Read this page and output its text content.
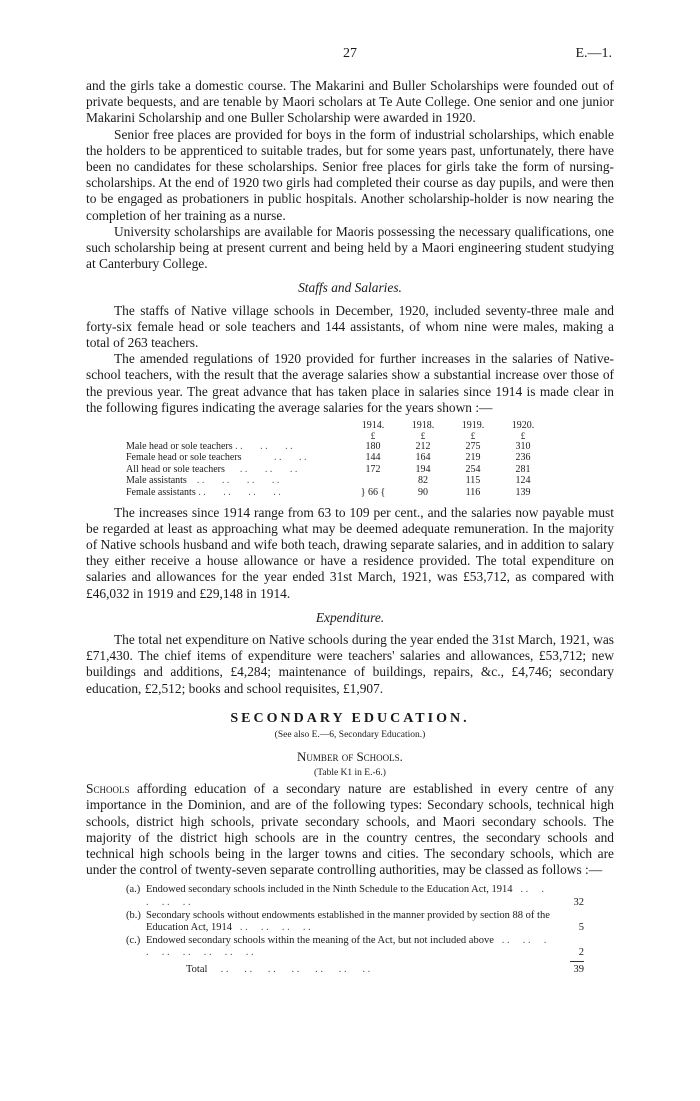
27	E.—1.

and the girls take a domestic course. The Makarini and Buller Scholarships were founded out of private bequests, and are tenable by Maori scholars at Te Aute College. One senior and one junior Makarini Scholarship and one Buller Scholarship were awarded in 1920.

Senior free places are provided for boys in the form of industrial scholarships, which enable the holders to be apprenticed to suitable trades, but for some years past, unfortunately, there have been no candidates for these scholarships. Senior free places for girls take the form of nursing-scholarships. At the end of 1920 two girls had completed their course as day pupils, and were then to be engaged as probationers in public hospitals. Another scholarship-holder is now nearing the completion of her training as a nurse.

University scholarships are available for Maoris possessing the necessary qualifications, one such scholarship being at present current and being held by a Maori engineering student studying at Canterbury College.

Staffs and Salaries.

The staffs of Native village schools in December, 1920, included seventy-three male and forty-six female head or sole teachers and 144 assistants, of whom nine were males, making a total of 263 teachers.

The amended regulations of 1920 provided for further increases in the salaries of Native-school teachers, with the result that the average salaries show a substantial increase over those of the previous year. The great advance that has taken place in salaries since 1914 is made clear in the following figures indicating the average salaries for the years shown :—

	1914.	1918.	1919.	1920.
	£	£	£	£
Male head or sole teachers . .       . .       . .	180	212	275	310
Female head or sole teachers             . .       . .	144	164	219	236
All head or sole teachers      . .       . .       . .	172	194	254	281
Male assistants    . .       . .       . .       . .	} 66 {	82	115	124
Female assistants . .       . .       . .       . .		90	116	139

The increases since 1914 range from 63 to 109 per cent., and the salaries now payable must be regarded at least as approaching what may be deemed adequate remuneration. In the majority of Native schools husband and wife both teach, drawing separate salaries, and in addition to salary they either receive a house allowance or have a residence provided. The total expenditure on salaries and allowances for the year ended 31st March, 1921, was £53,712, as compared with £46,032 in 1919 and £29,148 in 1914.

Expenditure.

The total net expenditure on Native schools during the year ended the 31st March, 1921, was £71,430. The chief items of expenditure were teachers' salaries and allowances, £53,712; new buildings and additions, £4,284; maintenance of buildings, repairs, &c., £4,746; secondary education, £2,512; books and school requisites, £1,907.

SECONDARY EDUCATION.
(See also E.—6, Secondary Education.)
Number of Schools.
(Table K1 in E.-6.)

Schools affording education of a secondary nature are established in every centre of any importance in the Dominion, and are of the following types: Secondary schools, technical high schools, district high schools, private secondary schools, and Maori secondary schools. The majority of the district high schools are in the country centres, the secondary schools and technical high schools being in the larger towns and cities. The secondary schools, which are under the control of twenty-seven separate controlling authorities, may be classed as follows :—

(a.) Endowed secondary schools included in the Ninth Schedule to the Education Act, 1914   . .     . .     . .     . .	32
(b.) Secondary schools without endowments established in the manner provided by section 88 of the Education Act, 1914   . .     . .     . .     . .	5
(c.) Endowed secondary schools within the meaning of the Act, but not included above   . .     . .     . .     . .     . .     . .     . .     . .	2
Total     . .      . .      . .      . .      . .      . .      . .	39
